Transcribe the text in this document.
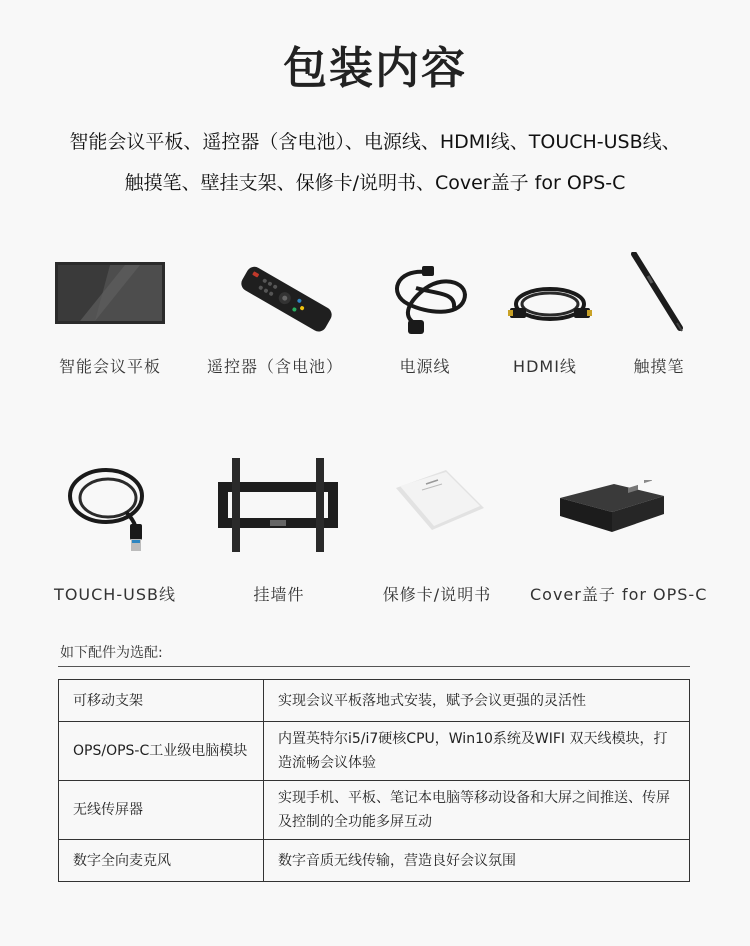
包装内容
智能会议平板、遥控器（含电池）、电源线、HDMI线、TOUCH-USB线、
触摸笔、壁挂支架、保修卡/说明书、Cover盖子 for OPS-C
智能会议平板	遥控器（含电池）	电源线	HDMI线	触摸笔
TOUCH-USB线	挂墙件	保修卡/说明书	Cover盖子 for OPS-C
如下配件为选配:
可移动支架	实现会议平板落地式安装，赋予会议更强的灵活性
OPS/OPS-C工业级电脑模块	内置英特尔i5/i7硬核CPU，Win10系统及WIFI 双天线模块，打造流畅会议体验
无线传屏器	实现手机、平板、笔记本电脑等移动设备和大屏之间推送、传屏及控制的全功能多屏互动
数字全向麦克风	数字音质无线传输，营造良好会议氛围
